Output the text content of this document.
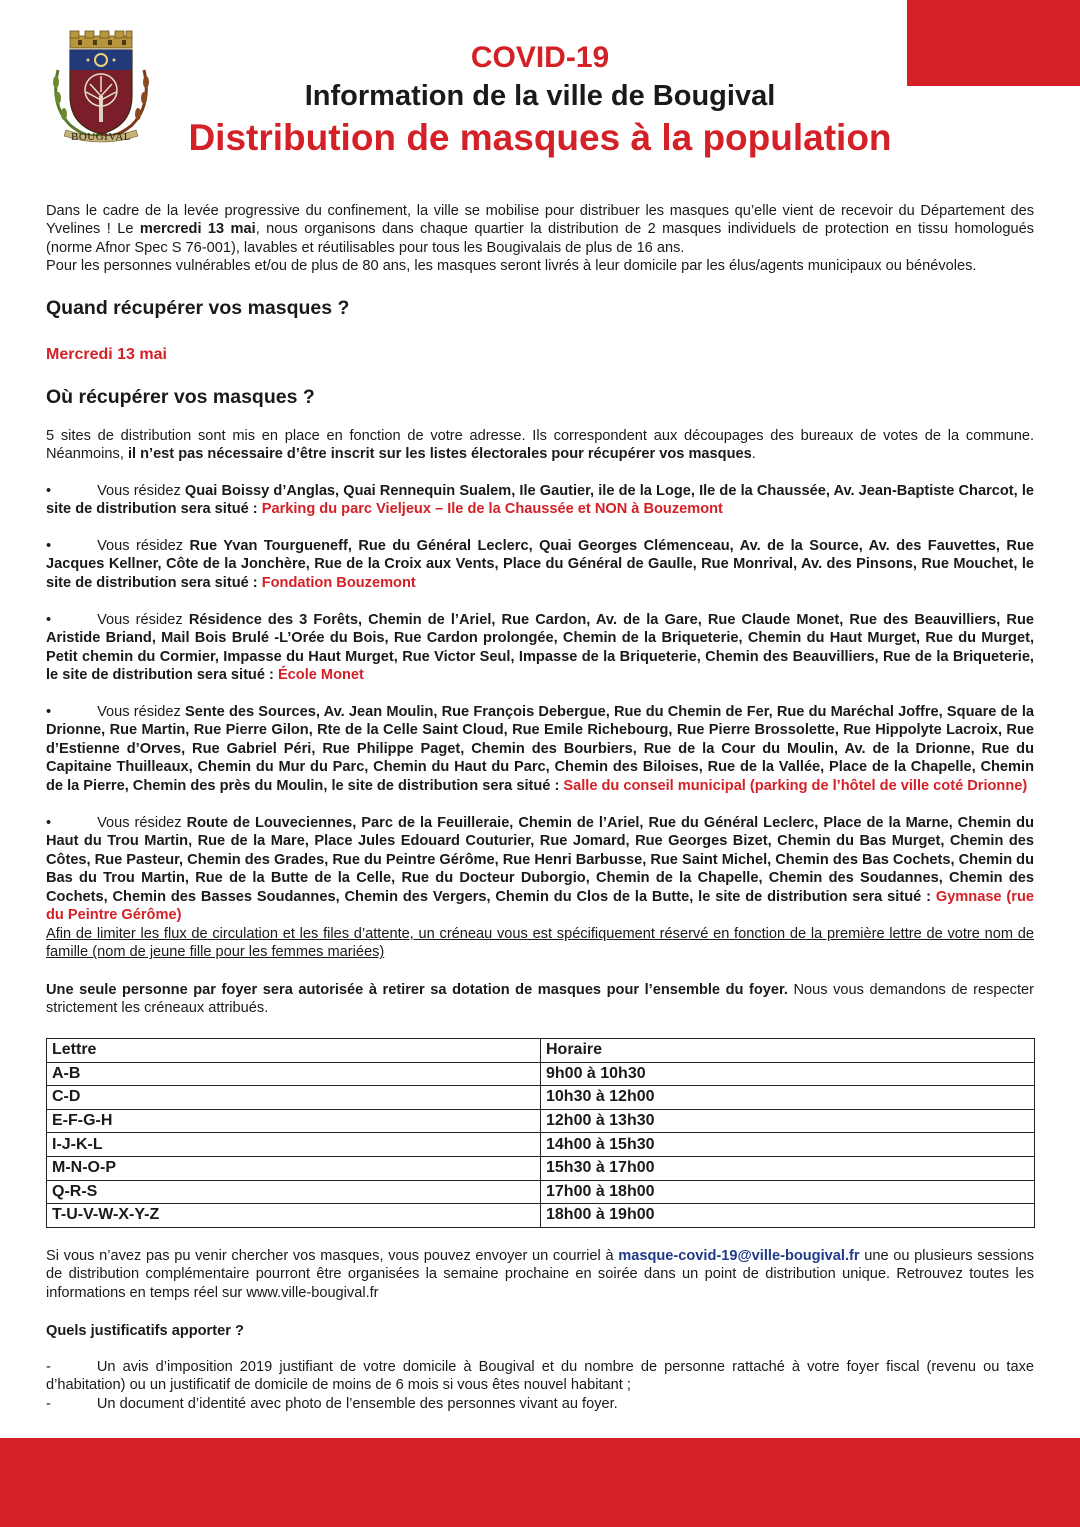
BOUGIVAL
COVID-19
Information de la ville de Bougival
Distribution de masques à la population
Dans le cadre de la levée progressive du confinement, la ville se mobilise pour distribuer les masques qu’elle vient de recevoir du Département des Yvelines ! Le mercredi 13 mai, nous organisons dans chaque quartier la distribution de 2 masques individuels de protection en tissu homologués (norme Afnor Spec S 76-001), lavables et réutilisables pour tous les Bougivalais de plus de 16 ans.
Pour les personnes vulnérables et/ou de plus de 80 ans, les masques seront livrés à leur domicile par les élus/agents municipaux ou bénévoles.
Quand récupérer vos masques ?
Mercredi 13 mai
Où récupérer vos masques ?
5 sites de distribution sont mis en place en fonction de votre adresse. Ils correspondent aux découpages des bureaux de votes de la commune. Néanmoins, il n’est pas nécessaire d’être inscrit sur les listes électorales pour récupérer vos masques.
•	Vous résidez Quai Boissy d’Anglas, Quai Rennequin Sualem, Ile Gautier, ile de la Loge, Ile de la Chaussée, Av. Jean-Baptiste Charcot, le site de distribution sera situé : Parking du parc Vieljeux – Ile de la Chaussée et NON à Bouzemont
•	Vous résidez Rue Yvan Tourgueneff, Rue du Général Leclerc, Quai Georges Clémenceau, Av. de la Source, Av. des Fauvettes, Rue Jacques Kellner, Côte de la Jonchère, Rue de la Croix aux Vents, Place du Général de Gaulle, Rue Monrival, Av. des Pinsons, Rue Mouchet, le site de distribution sera situé : Fondation Bouzemont
•	Vous résidez Résidence des 3 Forêts, Chemin de l’Ariel, Rue Cardon, Av. de la Gare, Rue Claude Monet, Rue des Beauvilliers, Rue Aristide Briand, Mail Bois Brulé -L’Orée du Bois, Rue Cardon prolongée, Chemin de la Briqueterie, Chemin du Haut Murget, Rue du Murget, Petit chemin du Cormier, Impasse du Haut Murget, Rue Victor Seul, Impasse de la Briqueterie, Chemin des Beauvilliers, Rue de la Briqueterie, le site de distribution sera situé : École Monet
•	Vous résidez Sente des Sources, Av. Jean Moulin, Rue François Debergue, Rue du Chemin de Fer, Rue du Maréchal Joffre, Square de la Drionne, Rue Martin, Rue Pierre Gilon, Rte de la Celle Saint Cloud, Rue Emile Richebourg, Rue Pierre Brossolette, Rue Hippolyte Lacroix, Rue d’Estienne d’Orves, Rue Gabriel Péri, Rue Philippe Paget, Chemin des Bourbiers, Rue de la Cour du Moulin, Av. de la Drionne, Rue du Capitaine Thuilleaux, Chemin du Mur du Parc, Chemin du Haut du Parc, Chemin des Biloises, Rue de la Vallée, Place de la Chapelle, Chemin de la Pierre, Chemin des près du Moulin, le site de distribution sera situé : Salle du conseil municipal (parking de l’hôtel de ville coté Drionne)
•	Vous résidez Route de Louveciennes, Parc de la Feuilleraie, Chemin de l’Ariel, Rue du Général Leclerc, Place de la Marne, Chemin du Haut du Trou Martin, Rue de la Mare, Place Jules Edouard Couturier, Rue Jomard, Rue Georges Bizet, Chemin du Bas Murget, Chemin des Côtes, Rue Pasteur, Chemin des Grades, Rue du Peintre Gérôme, Rue Henri Barbusse, Rue Saint Michel, Chemin des Bas Cochets, Chemin du Bas du Trou Martin, Rue de la Butte de la Celle, Rue du Docteur Duborgio, Chemin de la Chapelle, Chemin des Soudannes, Chemin des Cochets, Chemin des Basses Soudannes, Chemin des Vergers, Chemin du Clos de la Butte, le site de distribution sera situé : Gymnase (rue du Peintre Gérôme)
Afin de limiter les flux de circulation et les files d’attente, un créneau vous est spécifiquement réservé en fonction de la première lettre de votre nom de famille (nom de jeune fille pour les femmes mariées)
Une seule personne par foyer sera autorisée à retirer sa dotation de masques pour l’ensemble du foyer. Nous vous demandons de respecter strictement les créneaux attribués.
Lettre	Horaire
A-B	9h00 à 10h30
C-D	10h30 à 12h00
E-F-G-H	12h00 à 13h30
I-J-K-L	14h00 à 15h30
M-N-O-P	15h30 à 17h00
Q-R-S	17h00 à 18h00
T-U-V-W-X-Y-Z	18h00 à 19h00
Si vous n’avez pas pu venir chercher vos masques, vous pouvez envoyer un courriel à masque-covid-19@ville-bougival.fr une ou plusieurs sessions de distribution complémentaire pourront être organisées la semaine prochaine en soirée dans un point de distribution unique. Retrouvez toutes les informations en temps réel sur www.ville-bougival.fr
Quels justificatifs apporter ?
-	Un avis d’imposition 2019 justifiant de votre domicile à Bougival et du nombre de personne rattaché à votre foyer fiscal (revenu ou taxe d’habitation) ou un justificatif de domicile de moins de 6 mois si vous êtes nouvel habitant ;
-	Un document d’identité avec photo de l’ensemble des personnes vivant au foyer.
